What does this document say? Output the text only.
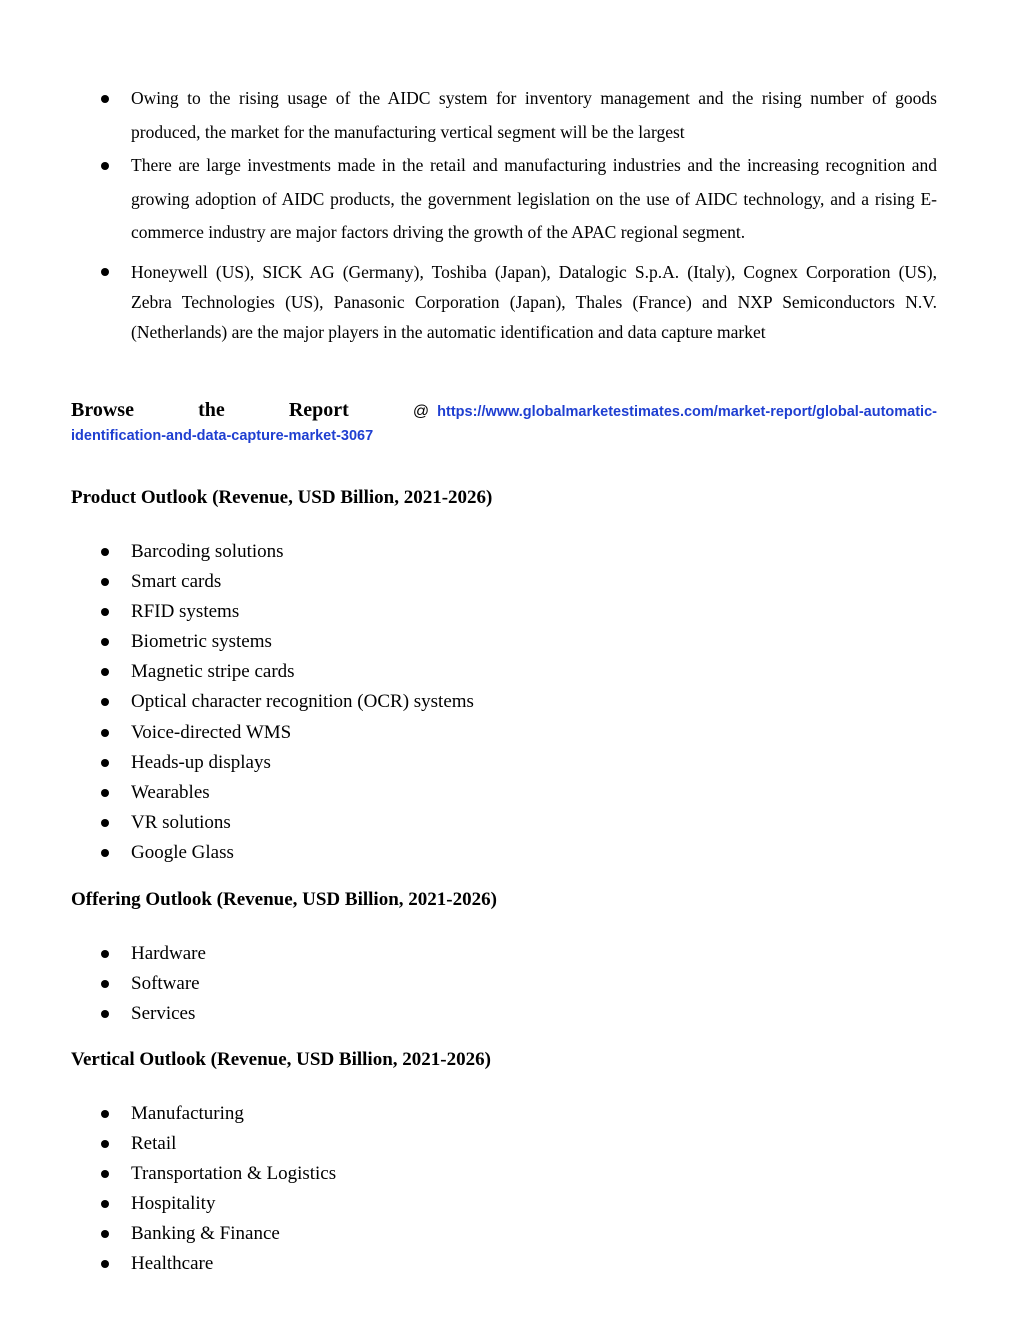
Owing to the rising usage of the AIDC system for inventory management and the rising number of goods produced, the market for the manufacturing vertical segment will be the largest
There are large investments made in the retail and manufacturing industries and the increasing recognition and growing adoption of AIDC products, the government legislation on the use of AIDC technology, and a rising E-commerce industry are major factors driving the growth of the APAC regional segment.
Honeywell (US), SICK AG (Germany), Toshiba (Japan), Datalogic S.p.A. (Italy), Cognex Corporation (US), Zebra Technologies (US), Panasonic Corporation (Japan), Thales (France) and NXP Semiconductors N.V. (Netherlands) are the major players in the automatic identification and data capture market
Browse	the	Report	@ https://www.globalmarketestimates.com/market-report/global-automatic-
identification-and-data-capture-market-3067
Product Outlook (Revenue, USD Billion, 2021-2026)
Barcoding solutions
Smart cards
RFID systems
Biometric systems
Magnetic stripe cards
Optical character recognition (OCR) systems
Voice-directed WMS
Heads-up displays
Wearables
VR solutions
Google Glass
Offering Outlook (Revenue, USD Billion, 2021-2026)
Hardware
Software
Services
Vertical Outlook (Revenue, USD Billion, 2021-2026)
Manufacturing
Retail
Transportation & Logistics
Hospitality
Banking & Finance
Healthcare
